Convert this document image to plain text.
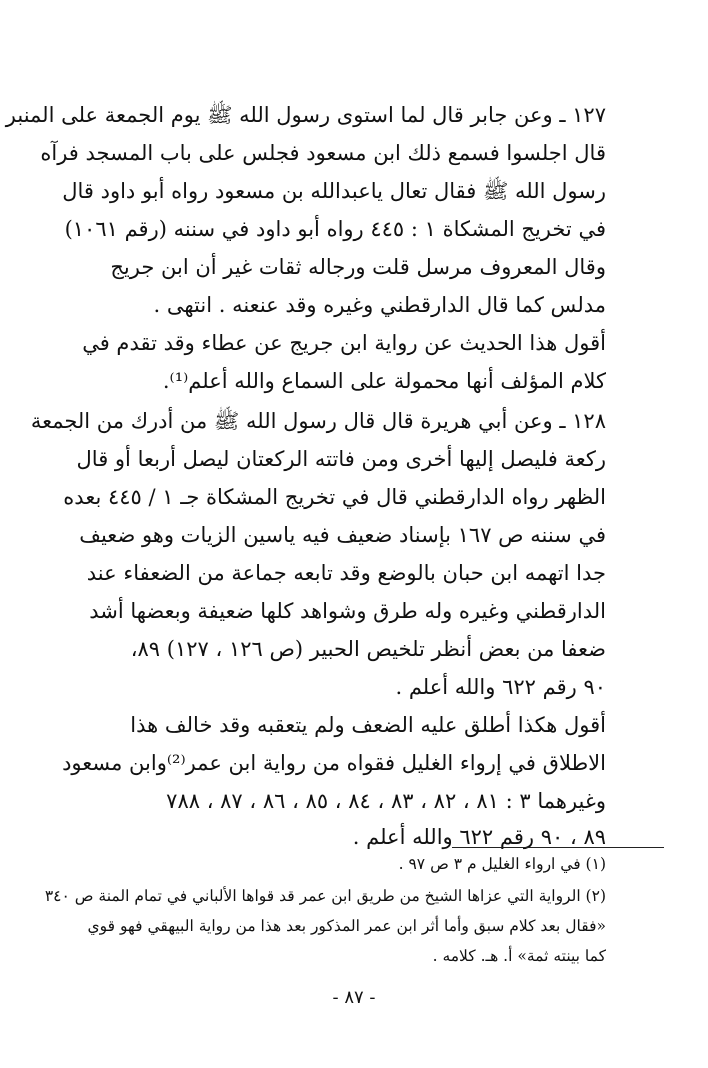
١٢٧ ـ وعن جابر قال لما استوى رسول الله ﷺ يوم الجمعة على المنبر
قال اجلسوا فسمع ذلك ابن مسعود فجلس على باب المسجد فرآه
رسول الله ﷺ فقال تعال ياعبدالله بن مسعود رواه أبو داود قال
في تخريج المشكاة ١ : ٤٤٥ رواه أبو داود في سننه (رقم ١٠٦١)
وقال المعروف مرسل قلت ورجاله ثقات غير أن ابن جريج
مدلس كما قال الدارقطني وغيره وقد عنعنه . انتهى .
أقول هذا الحديث عن رواية ابن جريج عن عطاء وقد تقدم في
كلام المؤلف أنها محمولة على السماع والله أعلم⁽¹⁾.
١٢٨ ـ وعن أبي هريرة قال قال رسول الله ﷺ من أدرك من الجمعة
ركعة فليصل إليها أخرى ومن فاتته الركعتان ليصل أربعا أو قال
الظهر رواه الدارقطني قال في تخريج المشكاة جـ ١ / ٤٤٥ بعده
في سننه ص ١٦٧ بإسناد ضعيف فيه ياسين الزيات وهو ضعيف
جدا اتهمه ابن حبان بالوضع وقد تابعه جماعة من الضعفاء عند
الدارقطني وغيره وله طرق وشواهد كلها ضعيفة وبعضها أشد
ضعفا من بعض أنظر تلخيص الحبير (ص ١٢٦ ، ١٢٧) ٨٩،
٩٠ رقم ٦٢٢ والله أعلم .
أقول هكذا أطلق عليه الضعف ولم يتعقبه وقد خالف هذا
الاطلاق في إرواء الغليل فقواه من رواية ابن عمر⁽²⁾وابن مسعود
وغيرهما ٣ : ٨١ ، ٨٢ ، ٨٣ ، ٨٤ ، ٨٥ ، ٨٦ ، ٨٧ ، ٧٨٨
٨٩ ، ٩٠ رقم ٦٢٢ والله أعلم .
(١) في ارواء الغليل م ٣ ص ٩٧ .
(٢) الرواية التي عزاها الشيخ من طريق ابن عمر قد قواها الألباني في تمام المنة ص ٣٤٠
«فقال بعد كلام سبق وأما أثر ابن عمر المذكور بعد هذا من رواية البيهقي فهو قوي
كما بينته ثمة» أ. هـ. كلامه .
- ٨٧ -
